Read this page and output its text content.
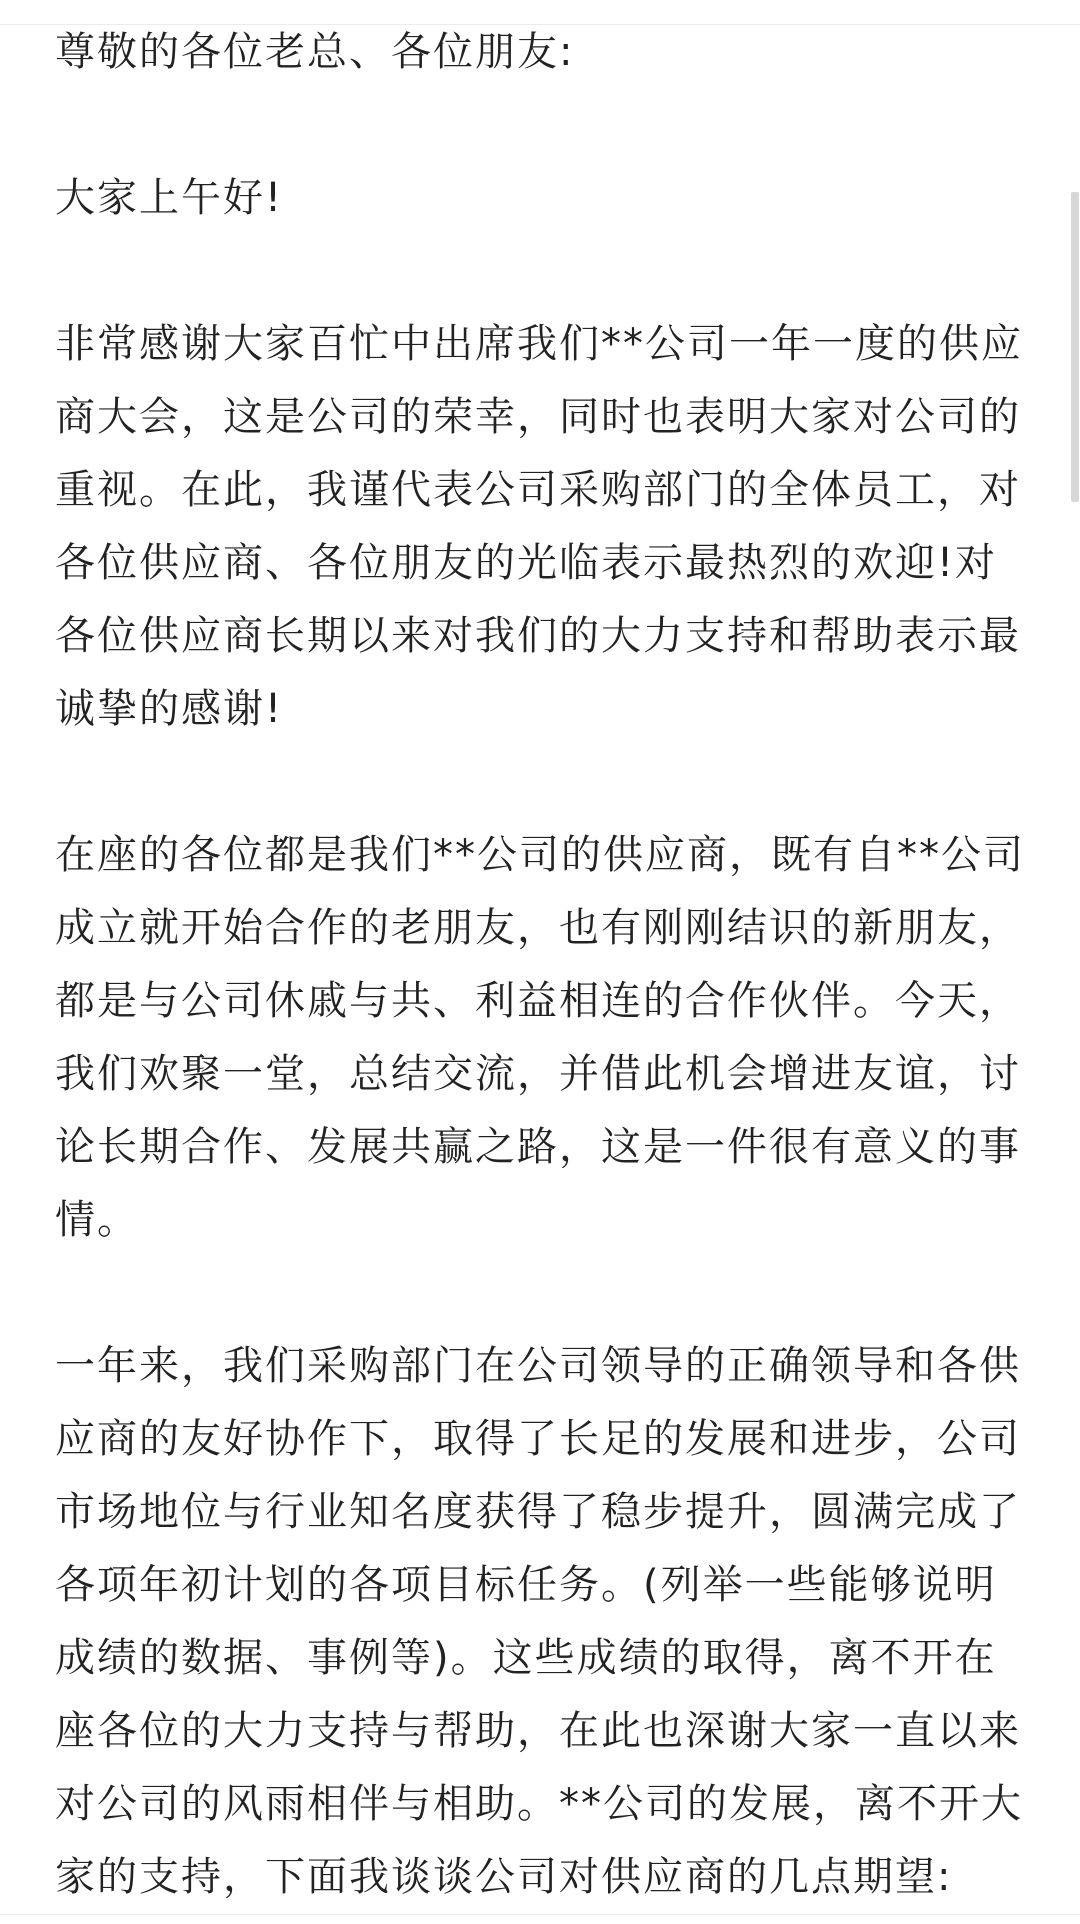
尊敬的各位老总、各位朋友:

大家上午好!

非常感谢大家百忙中出席我们**公司一年一度的供应商大会，这是公司的荣幸，同时也表明大家对公司的重视。在此，我谨代表公司采购部门的全体员工，对各位供应商、各位朋友的光临表示最热烈的欢迎!对各位供应商长期以来对我们的大力支持和帮助表示最诚挚的感谢!

在座的各位都是我们**公司的供应商，既有自**公司成立就开始合作的老朋友，也有刚刚结识的新朋友，都是与公司休戚与共、利益相连的合作伙伴。今天，我们欢聚一堂，总结交流，并借此机会增进友谊，讨论长期合作、发展共赢之路，这是一件很有意义的事情。

一年来，我们采购部门在公司领导的正确领导和各供应商的友好协作下，取得了长足的发展和进步，公司市场地位与行业知名度获得了稳步提升，圆满完成了各项年初计划的各项目标任务。(列举一些能够说明成绩的数据、事例等)。这些成绩的取得，离不开在座各位的大力支持与帮助，在此也深谢大家一直以来对公司的风雨相伴与相助。**公司的发展，离不开大家的支持，下面我谈谈公司对供应商的几点期望:
